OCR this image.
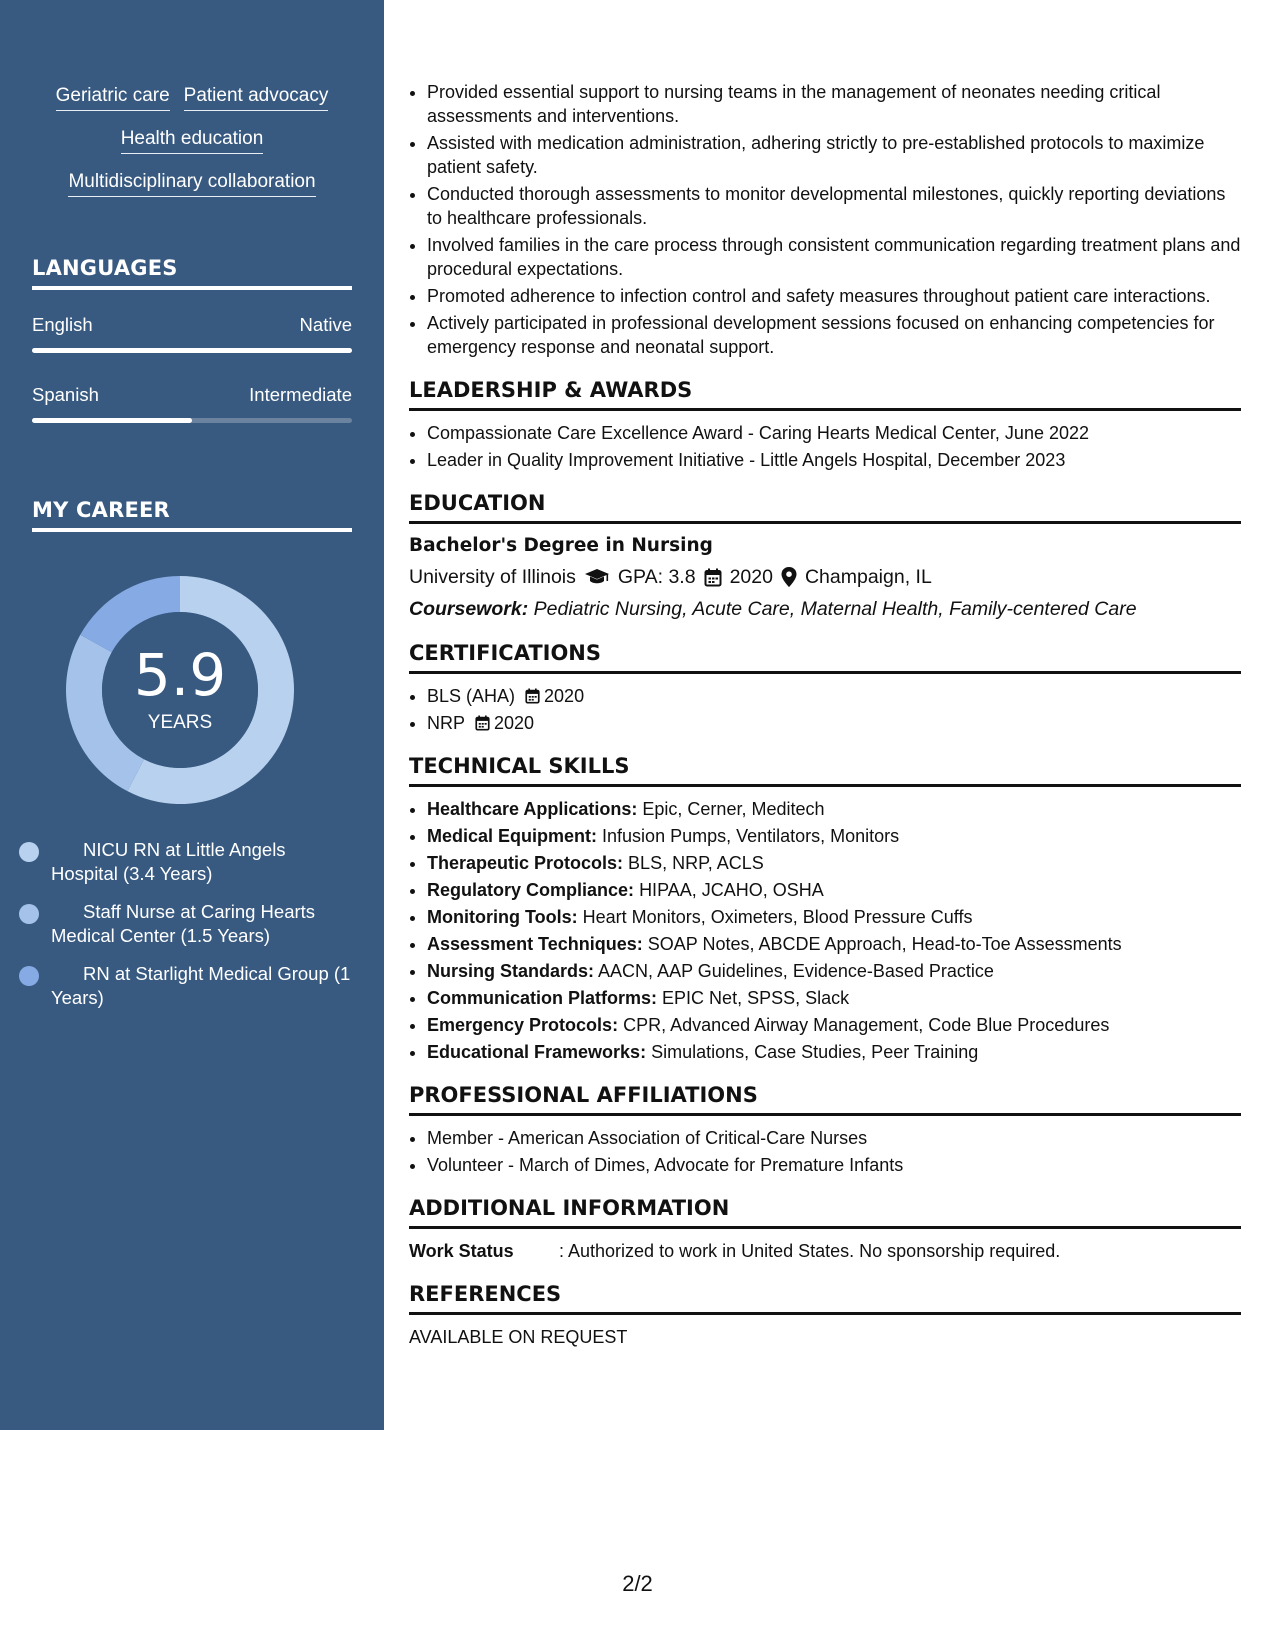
Geriatric care Patient advocacy
Health education
Multidisciplinary collaboration
LANGUAGES
English	Native
Spanish	Intermediate
MY CAREER
5.9
YEARS
NICU RN at Little Angels Hospital (3.4 Years)
Staff Nurse at Caring Hearts Medical Center (1.5 Years)
RN at Starlight Medical Group (1 Years)
• Provided essential support to nursing teams in the management of neonates needing critical assessments and interventions.
• Assisted with medication administration, adhering strictly to pre-established protocols to maximize patient safety.
• Conducted thorough assessments to monitor developmental milestones, quickly reporting deviations to healthcare professionals.
• Involved families in the care process through consistent communication regarding treatment plans and procedural expectations.
• Promoted adherence to infection control and safety measures throughout patient care interactions.
• Actively participated in professional development sessions focused on enhancing competencies for emergency response and neonatal support.
LEADERSHIP & AWARDS
• Compassionate Care Excellence Award - Caring Hearts Medical Center, June 2022
• Leader in Quality Improvement Initiative - Little Angels Hospital, December 2023
EDUCATION
Bachelor's Degree in Nursing
University of Illinois GPA: 3.8 2020 Champaign, IL
Coursework: Pediatric Nursing, Acute Care, Maternal Health, Family-centered Care
CERTIFICATIONS
• BLS (AHA) 2020
• NRP 2020
TECHNICAL SKILLS
• Healthcare Applications: Epic, Cerner, Meditech
• Medical Equipment: Infusion Pumps, Ventilators, Monitors
• Therapeutic Protocols: BLS, NRP, ACLS
• Regulatory Compliance: HIPAA, JCAHO, OSHA
• Monitoring Tools: Heart Monitors, Oximeters, Blood Pressure Cuffs
• Assessment Techniques: SOAP Notes, ABCDE Approach, Head-to-Toe Assessments
• Nursing Standards: AACN, AAP Guidelines, Evidence-Based Practice
• Communication Platforms: EPIC Net, SPSS, Slack
• Emergency Protocols: CPR, Advanced Airway Management, Code Blue Procedures
• Educational Frameworks: Simulations, Case Studies, Peer Training
PROFESSIONAL AFFILIATIONS
• Member - American Association of Critical-Care Nurses
• Volunteer - March of Dimes, Advocate for Premature Infants
ADDITIONAL INFORMATION
Work Status	: Authorized to work in United States. No sponsorship required.
REFERENCES
AVAILABLE ON REQUEST
2/2
